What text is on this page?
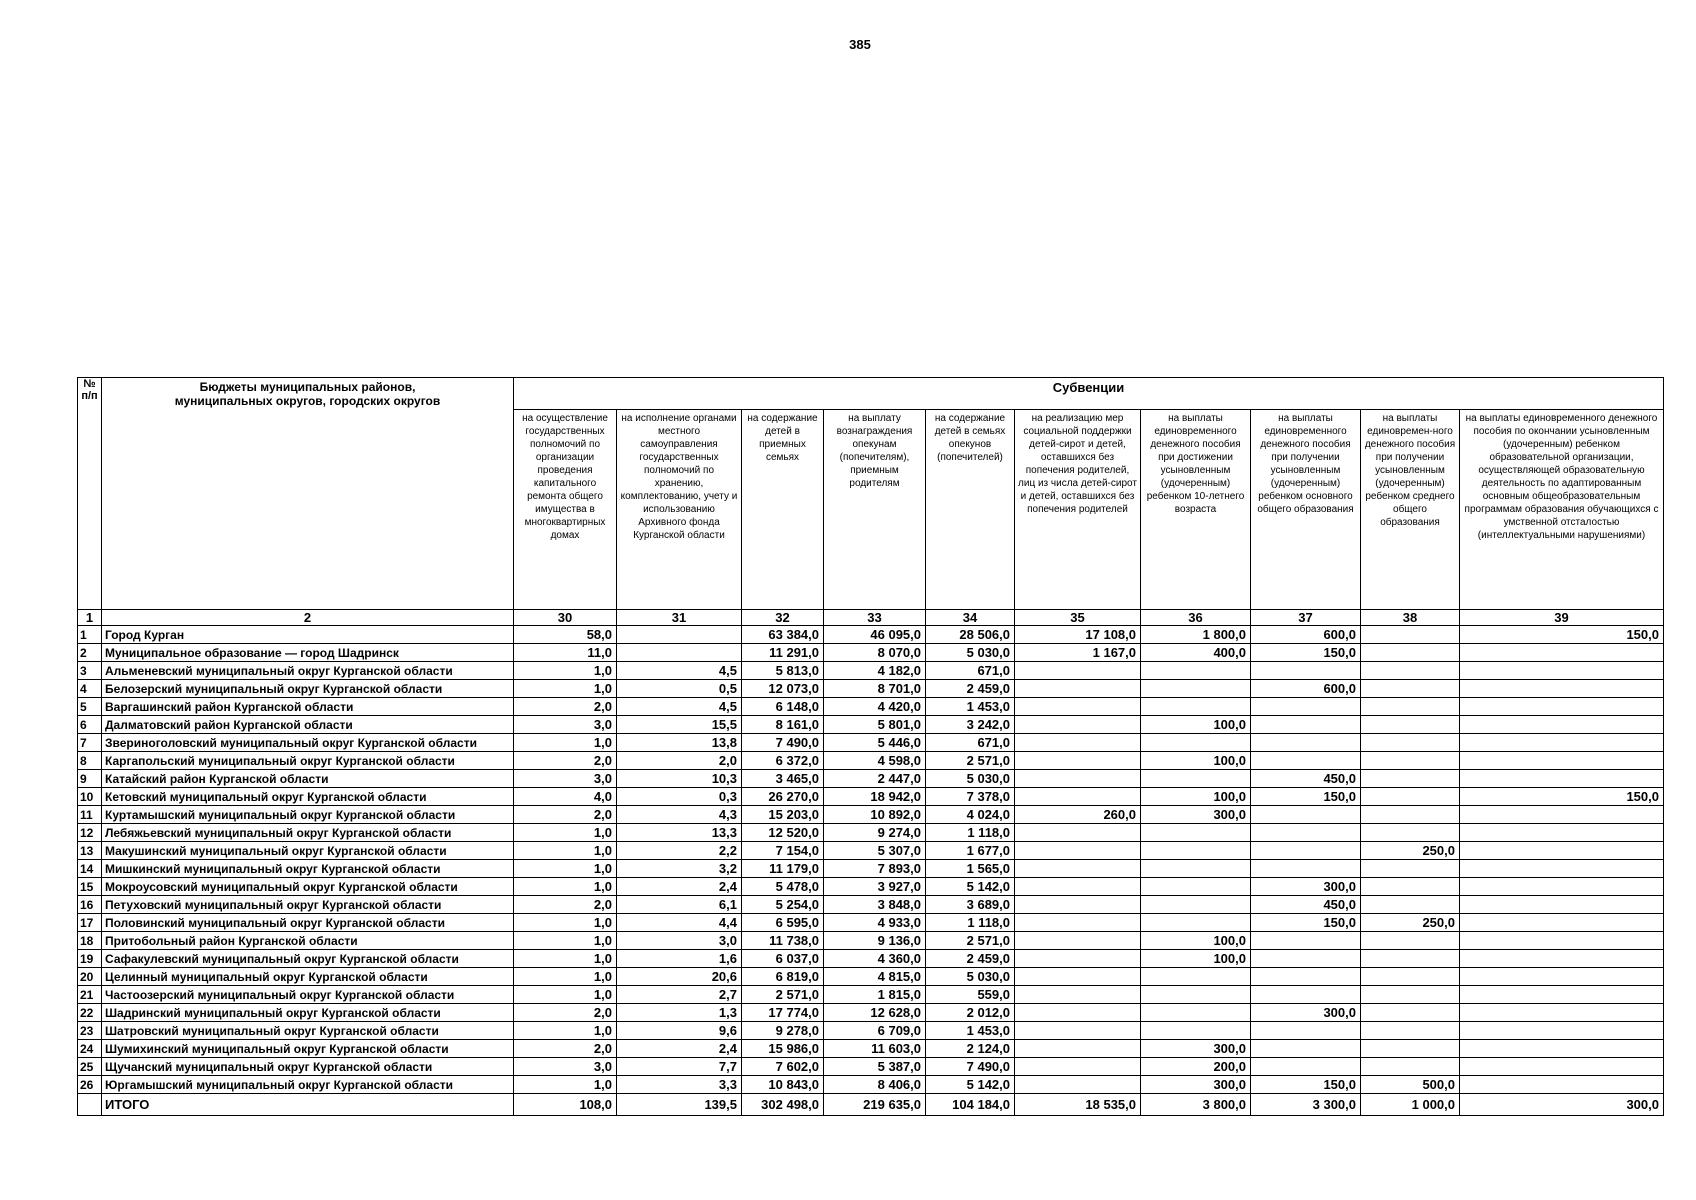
385
№ п/п	Бюджеты муниципальных районов, муниципальных округов, городских округов	Субвенции									
		на осуществление государственных полномочий по организации проведения капитального ремонта общего имущества в многоквартирных домах	на исполнение органами местного самоуправления государственных полномочий по хранению, комплектованию, учету и использованию Архивного фонда Курганской области	на содержание детей в приемных семьях	на выплату вознаграждения опекунам (попечителям), приемным родителям	на содержание детей в семьях опекунов (попечителей)	на реализацию мер социальной поддержки детей-сирот и детей, оставшихся без попечения родителей, лиц из числа детей-сирот и детей, оставшихся без попечения родителей	на выплаты единовременного денежного пособия при достижении усыновленным (удочеренным) ребенком 10-летнего возраста	на выплаты единовременного денежного пособия при получении усыновленным (удочеренным) ребенком основного общего образования	на выплаты единовремен-ного денежного пособия при получении усыновленным (удочеренным) ребенком среднего общего образования	на выплаты единовременного денежного пособия по окончании усыновленным (удочеренным) ребенком образовательной организации, осуществляющей образовательную деятельность по адаптированным основным общеобразовательным программам образования обучающихся с умственной отсталостью (интеллектуальными нарушениями)
1	2	30	31	32	33	34	35	36	37	38	39
1	Город Курган	58,0		63 384,0	46 095,0	28 506,0	17 108,0	1 800,0	600,0		150,0
2	Муниципальное образование — город Шадринск	11,0		11 291,0	8 070,0	5 030,0	1 167,0	400,0	150,0		
3	Альменевский муниципальный округ Курганской области	1,0	4,5	5 813,0	4 182,0	671,0					
4	Белозерский муниципальный округ Курганской области	1,0	0,5	12 073,0	8 701,0	2 459,0			600,0		
5	Варгашинский район Курганской области	2,0	4,5	6 148,0	4 420,0	1 453,0					
6	Далматовский район Курганской области	3,0	15,5	8 161,0	5 801,0	3 242,0		100,0			
7	Звериноголовский муниципальный округ Курганской области	1,0	13,8	7 490,0	5 446,0	671,0					
8	Каргапольский муниципальный округ Курганской области	2,0	2,0	6 372,0	4 598,0	2 571,0		100,0			
9	Катайский район Курганской области	3,0	10,3	3 465,0	2 447,0	5 030,0			450,0		
10	Кетовский муниципальный округ Курганской области	4,0	0,3	26 270,0	18 942,0	7 378,0		100,0	150,0		150,0
11	Куртамышский муниципальный округ Курганской области	2,0	4,3	15 203,0	10 892,0	4 024,0	260,0	300,0			
12	Лебяжьевский муниципальный округ Курганской области	1,0	13,3	12 520,0	9 274,0	1 118,0					
13	Макушинский муниципальный округ Курганской области	1,0	2,2	7 154,0	5 307,0	1 677,0				250,0	
14	Мишкинский муниципальный округ Курганской области	1,0	3,2	11 179,0	7 893,0	1 565,0					
15	Мокроусовский муниципальный округ Курганской области	1,0	2,4	5 478,0	3 927,0	5 142,0			300,0		
16	Петуховский муниципальный округ Курганской области	2,0	6,1	5 254,0	3 848,0	3 689,0			450,0		
17	Половинский муниципальный округ Курганской области	1,0	4,4	6 595,0	4 933,0	1 118,0			150,0	250,0	
18	Притобольный район Курганской области	1,0	3,0	11 738,0	9 136,0	2 571,0		100,0			
19	Сафакулевский муниципальный округ Курганской области	1,0	1,6	6 037,0	4 360,0	2 459,0		100,0			
20	Целинный муниципальный округ Курганской области	1,0	20,6	6 819,0	4 815,0	5 030,0					
21	Частоозерский муниципальный округ Курганской области	1,0	2,7	2 571,0	1 815,0	559,0					
22	Шадринский муниципальный округ Курганской области	2,0	1,3	17 774,0	12 628,0	2 012,0			300,0		
23	Шатровский муниципальный округ Курганской области	1,0	9,6	9 278,0	6 709,0	1 453,0					
24	Шумихинский муниципальный округ Курганской области	2,0	2,4	15 986,0	11 603,0	2 124,0		300,0			
25	Щучанский муниципальный округ Курганской области	3,0	7,7	7 602,0	5 387,0	7 490,0		200,0			
26	Юргамышский муниципальный округ Курганской области	1,0	3,3	10 843,0	8 406,0	5 142,0		300,0	150,0	500,0	
	ИТОГО	108,0	139,5	302 498,0	219 635,0	104 184,0	18 535,0	3 800,0	3 300,0	1 000,0	300,0
